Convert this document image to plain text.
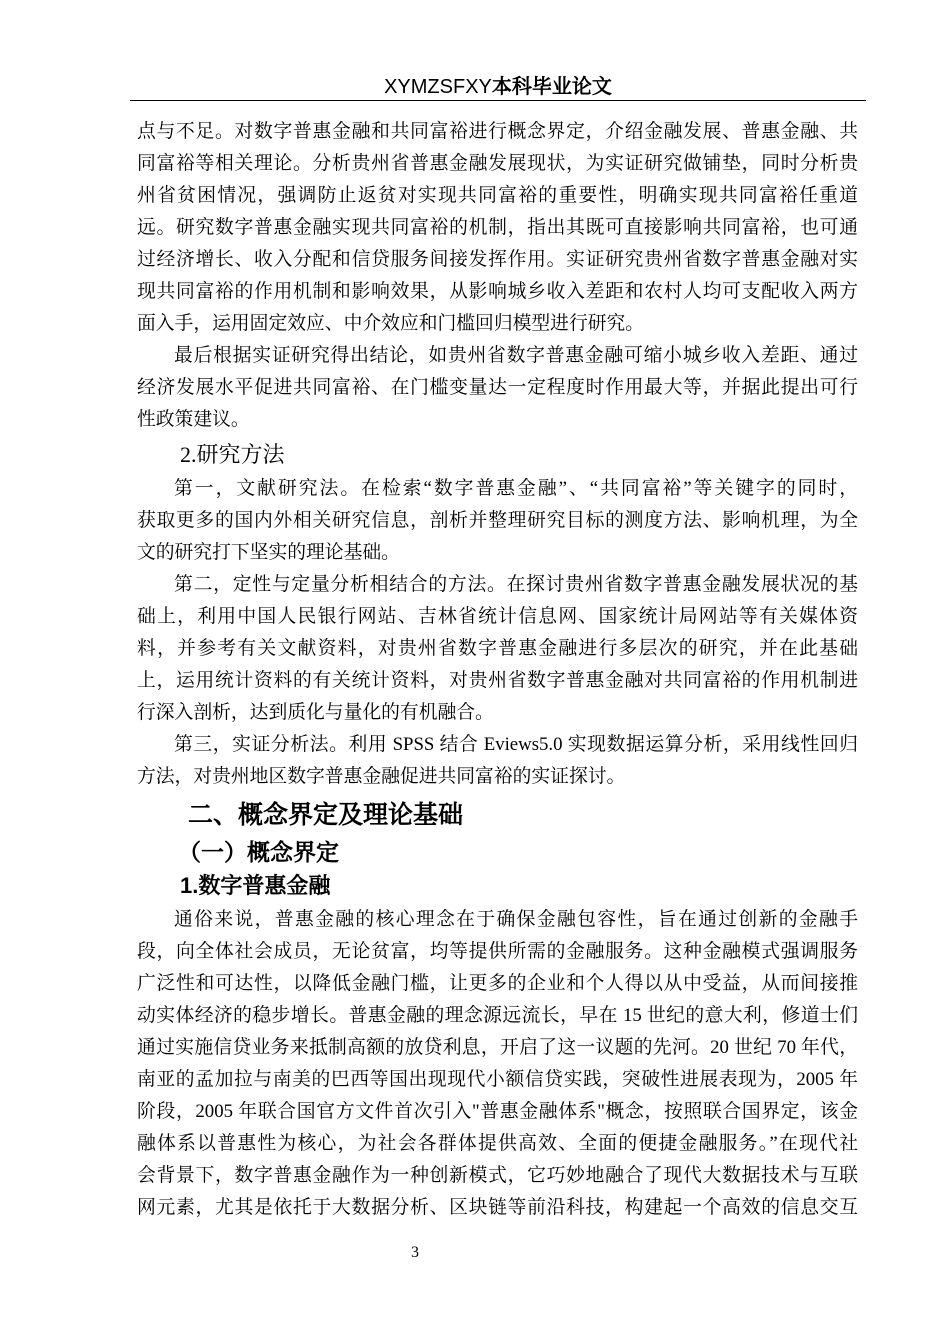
XYMZSFXY本科毕业论文
点与不足。对数字普惠金融和共同富裕进行概念界定，介绍金融发展、普惠金融、共
同富裕等相关理论。分析贵州省普惠金融发展现状，为实证研究做铺垫，同时分析贵
州省贫困情况，强调防止返贫对实现共同富裕的重要性，明确实现共同富裕任重道
远。研究数字普惠金融实现共同富裕的机制，指出其既可直接影响共同富裕，也可通
过经济增长、收入分配和信贷服务间接发挥作用。实证研究贵州省数字普惠金融对实
现共同富裕的作用机制和影响效果，从影响城乡收入差距和农村人均可支配收入两方
面入手，运用固定效应、中介效应和门槛回归模型进行研究。
最后根据实证研究得出结论，如贵州省数字普惠金融可缩小城乡收入差距、通过
经济发展水平促进共同富裕、在门槛变量达一定程度时作用最大等，并据此提出可行
性政策建议。
2.研究方法
第一，文献研究法。在检索“数字普惠金融”、“共同富裕”等关键字的同时，
获取更多的国内外相关研究信息，剖析并整理研究目标的测度方法、影响机理，为全
文的研究打下坚实的理论基础。
第二，定性与定量分析相结合的方法。在探讨贵州省数字普惠金融发展状况的基
础上，利用中国人民银行网站、吉林省统计信息网、国家统计局网站等有关媒体资
料，并参考有关文献资料，对贵州省数字普惠金融进行多层次的研究，并在此基础
上，运用统计资料的有关统计资料，对贵州省数字普惠金融对共同富裕的作用机制进
行深入剖析，达到质化与量化的有机融合。
第三，实证分析法。利用 SPSS 结合 Eviews5.0 实现数据运算分析，采用线性回归
方法，对贵州地区数字普惠金融促进共同富裕的实证探讨。
二、概念界定及理论基础
（一）概念界定
1.数字普惠金融
通俗来说，普惠金融的核心理念在于确保金融包容性，旨在通过创新的金融手
段，向全体社会成员，无论贫富，均等提供所需的金融服务。这种金融模式强调服务
广泛性和可达性，以降低金融门槛，让更多的企业和个人得以从中受益，从而间接推
动实体经济的稳步增长。普惠金融的理念源远流长，早在 15 世纪的意大利，修道士们
通过实施信贷业务来抵制高额的放贷利息，开启了这一议题的先河。20 世纪 70 年代，
南亚的孟加拉与南美的巴西等国出现现代小额信贷实践，突破性进展表现为，2005 年
阶段，2005 年联合国官方文件首次引入"普惠金融体系"概念，按照联合国界定，该金
融体系以普惠性为核心，为社会各群体提供高效、全面的便捷金融服务。”在现代社
会背景下，数字普惠金融作为一种创新模式，它巧妙地融合了现代大数据技术与互联
网元素，尤其是依托于大数据分析、区块链等前沿科技，构建起一个高效的信息交互
3
